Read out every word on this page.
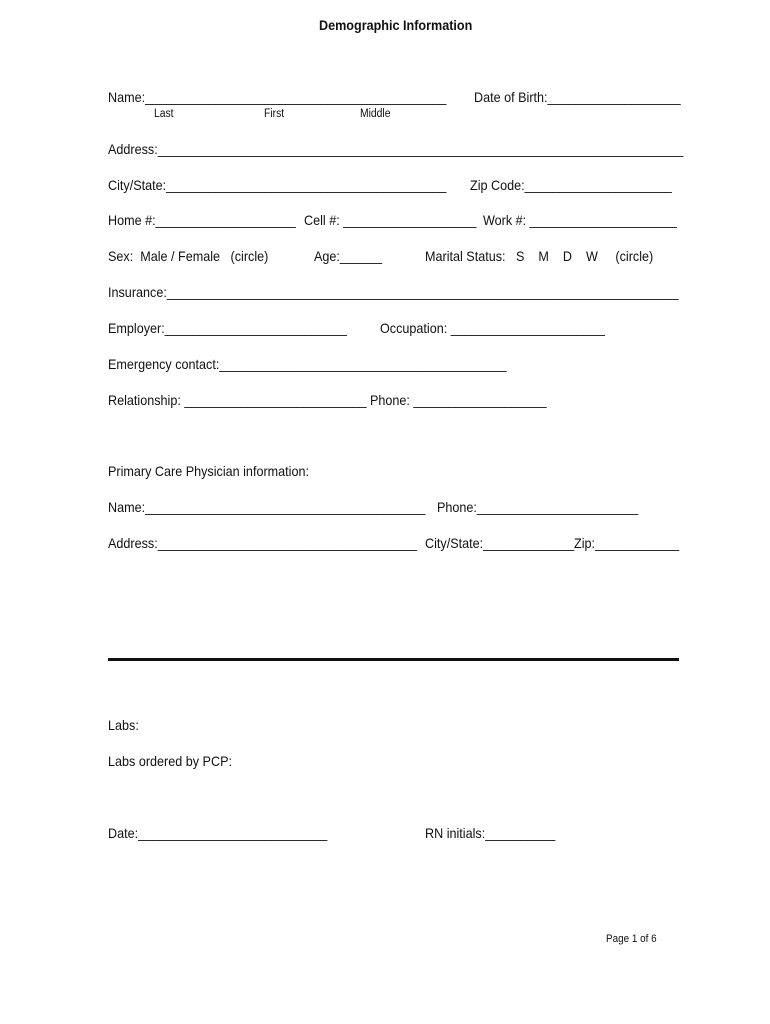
Demographic Information
Name:___________________________________________
Last	First	Middle
Date of Birth:___________________
Address:___________________________________________________________________________
City/State:________________________________________ Zip Code:_____________________
Home #:____________________ Cell #: ___________________ Work #: _____________________
Sex:  Male / Female   (circle)	Age:______	Marital Status:   S    M    D    W     (circle)
Insurance:_________________________________________________________________________
Employer:__________________________ Occupation: ______________________
Emergency contact:_________________________________________
Relationship: __________________________ Phone: ___________________
Primary Care Physician information:
Name:________________________________________ Phone:_______________________
Address:_____________________________________ City/State:_____________ Zip:____________
Labs:
Labs ordered by PCP:
Date:___________________________	RN initials:__________
Page 1 of 6
